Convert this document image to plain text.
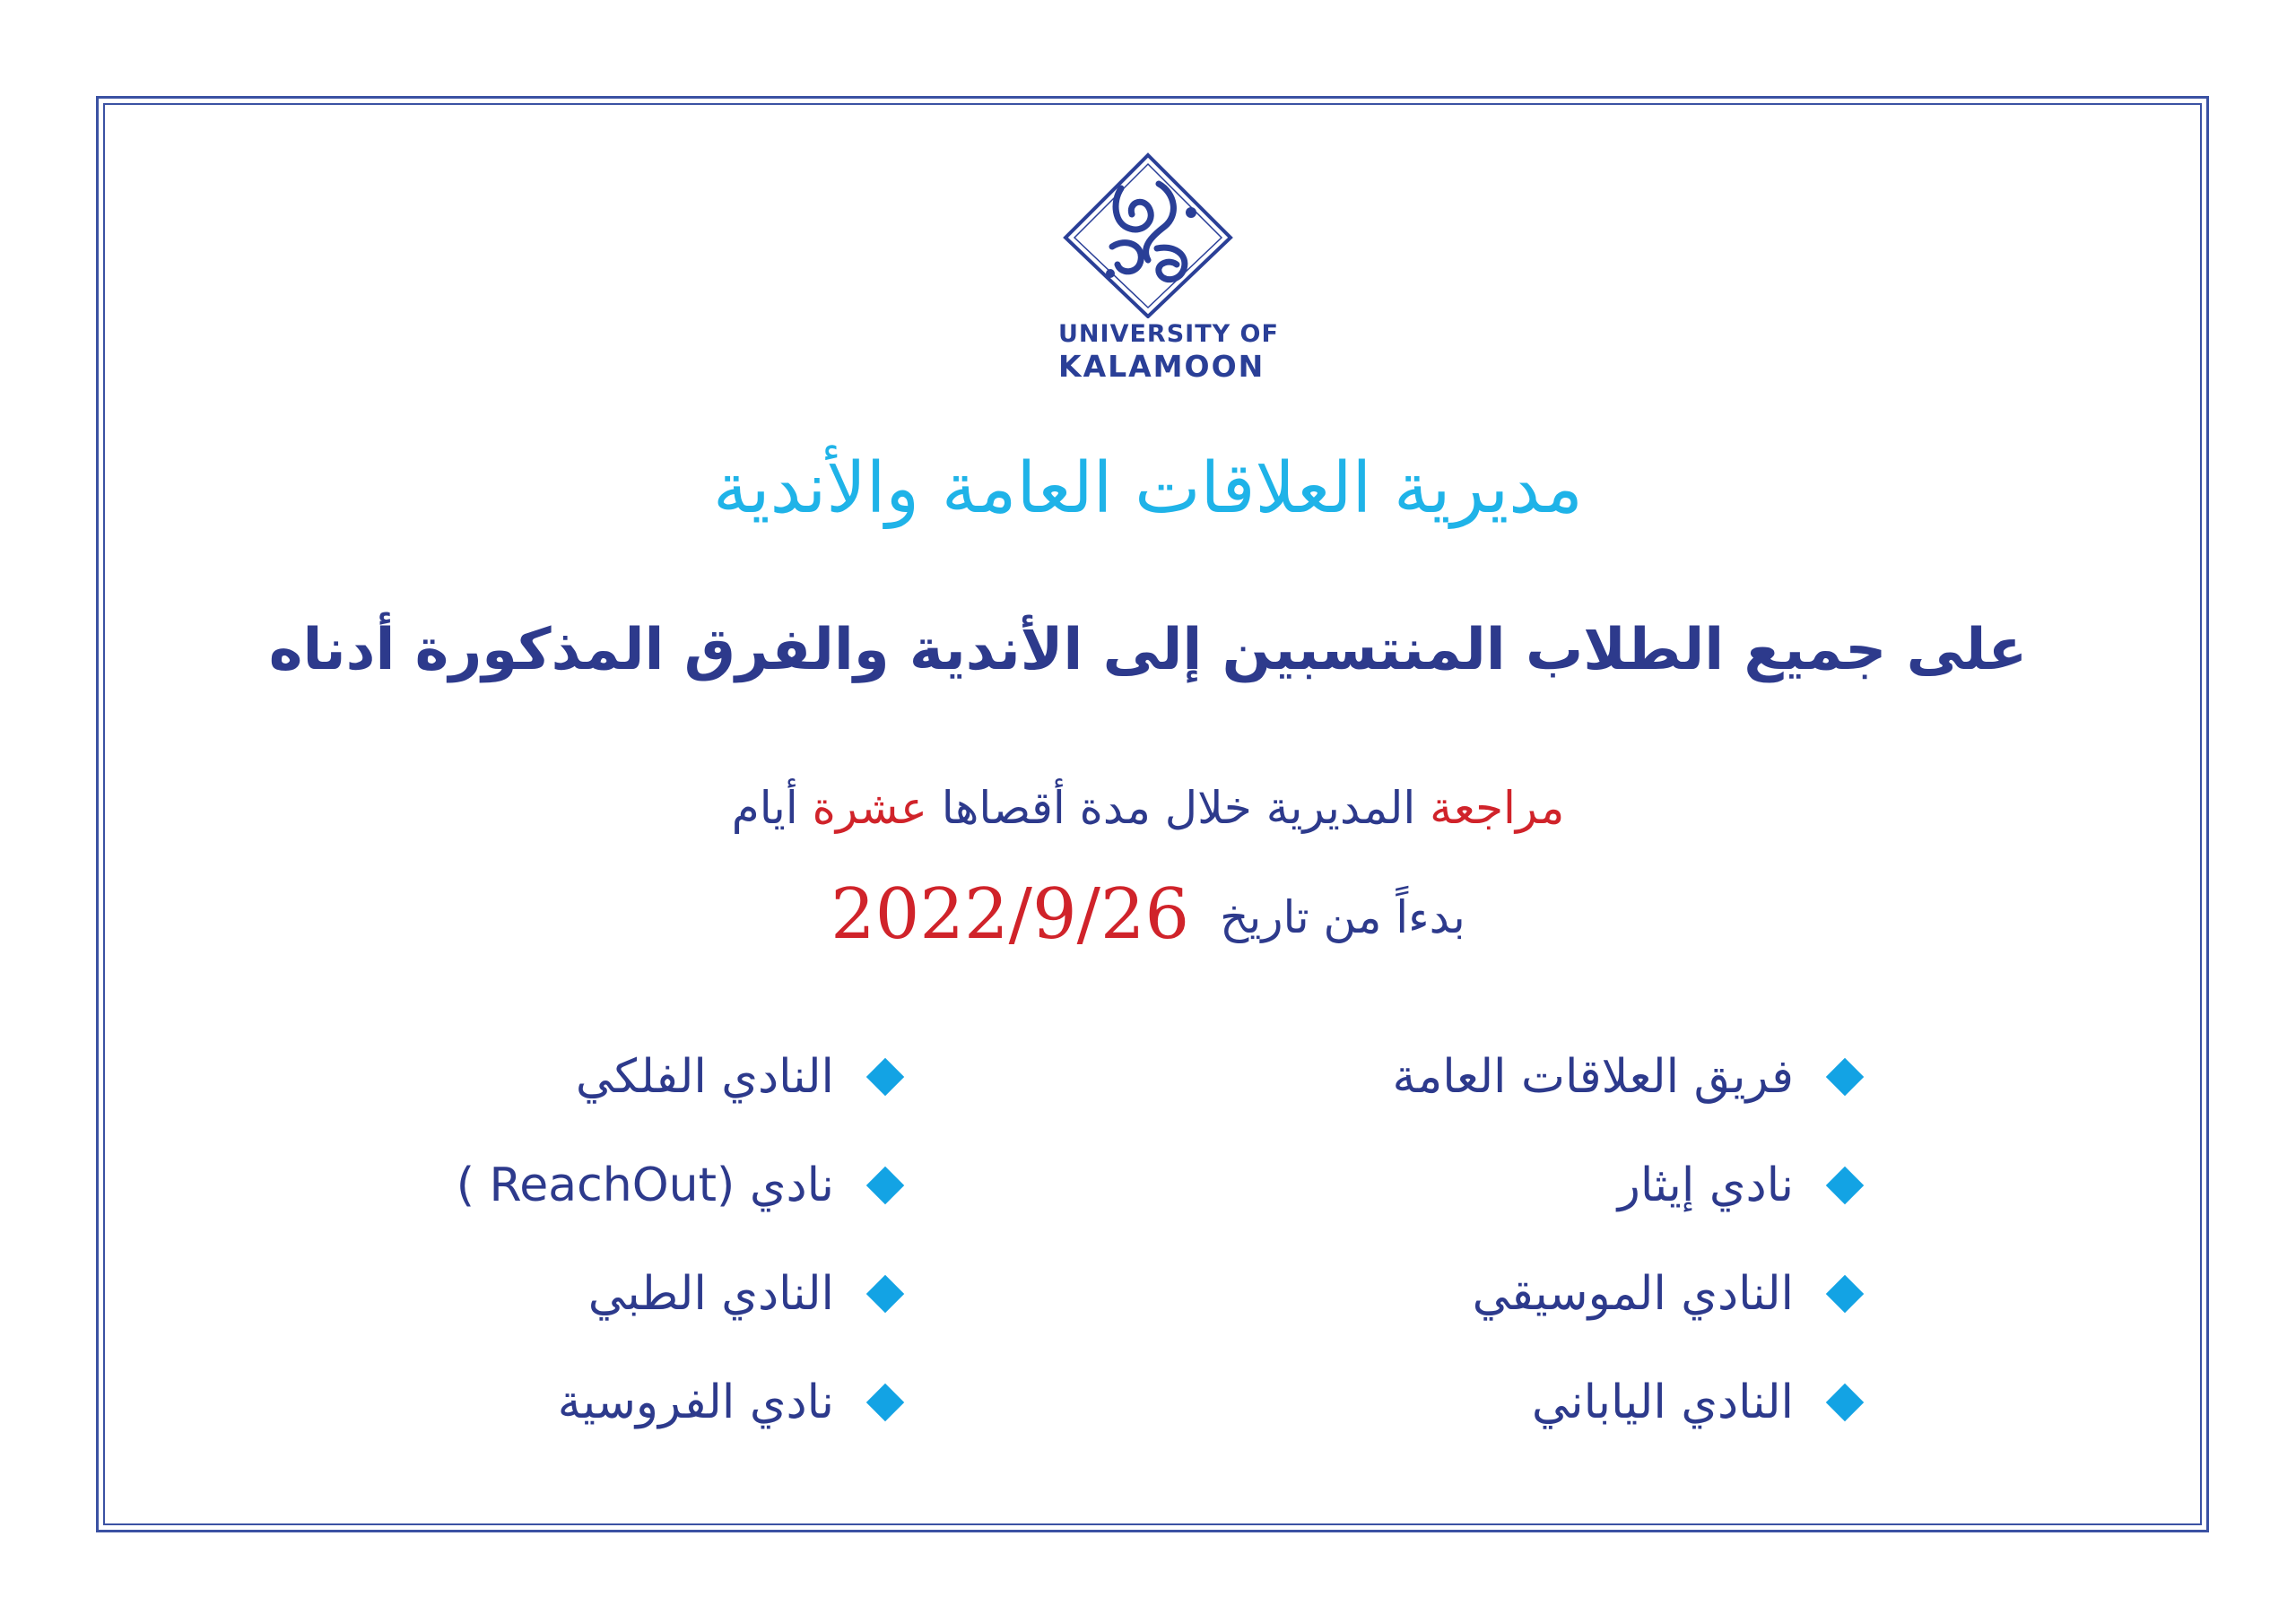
UNIVERSITY OF
KALAMOON
مديرية العلاقات العامة والأندية
على جميع الطلاب المنتسبين إلى الأندية والفرق المذكورة أدناه
مراجعة المديرية خلال مدة أقصاها عشرة أيام
بدءاً من تاريخ2022/9/26
فريق العلاقات العامة
نادي إيثار
النادي الموسيقي
النادي الياباني
النادي الفلكي
نادي (ReachOut )
النادي الطبي
نادي الفروسية
